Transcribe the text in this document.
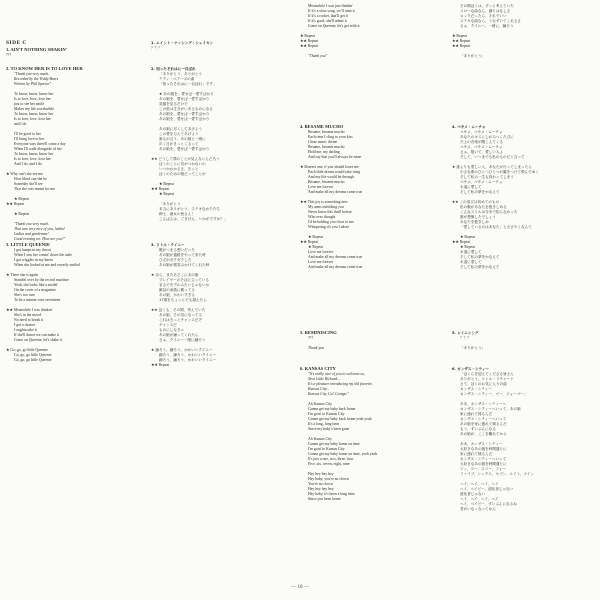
SIDE C
1. AIN'T NOTHING SHAKIN'
???
2. TO KNOW HER IS TO LOVE HER
"Thank you very much.
Recorded by the Teddy Bears
Written by Phil Spector"
To know, know, know her
Is to love, love, love her
just to see her smile
Makes my life worthwhile
To know, know, know her
Is to love, love, love her
and I do
I'll be good to her
I'll bring love to her
Everyone says there'll come a day
When I'll walk alongside of her
To know, know, know her
Is to love, love, love her
And I do, and I do
★ Why can't she see me
How blind can she be
Someday she'll see
That she was meant for me
★ Repeat
★★ Repeat
★ Repeat
"Thank you very much.
That was very nice of you, ladies!
Ladies and gentlemen!
Good evening we. How are you?"
3. LITTLE QUEENIE
I got lumps in my throat
When I saw her comin' down the aisle
I got wiggles in my knees
When she looked at me and sweetly smiled
★ There she is again
Standin' over by the record machine
Yeah, she looks like a model
On the cover of a magazine
She's too cute
To be a minute over seventeen
★★ Meanwhile I was thinkin'
She's in the mood
No need to break it
I got a chance
I oughta take it
If she'll dance we can make it
Come on Queenie, let's shake it
★ Go, go, go little Queenie
Go, go, go little Queenie
Go, go, go little Queenie
1. エイント・ナッシング・シェイキン
？？？
2. 知ったそれはに一目ぼれ
「ありがとう、ありがとう
テディ・ベアーズの曲
「知ったそれはに一目ぼれ」です」
★ あの娘を、愛せば一愛すばかり
あの娘を、愛せば一愛すばかり
笑顔を見るだけで
この世は生きがいあるものになる
あの娘を、愛せば一愛すばかり
あの娘を、愛せば一愛すばかり
あの娘に尽くしてあげよう
この愛を与えてあげよう
誰もが言う、あの娘と一緒に
歩く日がきっとくるって
あの娘を、愛せば一愛すばかり
★★ どうして僕のことが見えないんだろう
ぼくのことに気がつかないの
いつかわかるさ、きっと
ぼくのための娘だってことが
★ Repeat
★★ Repeat
★ Repeat
「ありがとう
本当にありがとう、ステキなかたたち
紳士、淑女の皆さん！
こんばんは、ごきげん、いかがですか？」
3. リトル・クイニー
喉がつまる想いだった
あの娘が通路をやって来た時
ひざがガクガクした
あの娘が微笑みかけてくれた時
★ ほら、またあそこにあの娘
プレイヤーのそばに立っている
まるでモデルみたいじゃないか
雑誌の表紙に載ってる
あの娘、かわいすぎる
17歳をちょっとでも超えたら
★★ ぼくも、その間、考えていた
あの娘、その気になってる
これはきっとチャンスだぞ
チャンスだ
ものにしなきゃ
あの娘が踊ってくれたら
さぁ、クイニー一緒に踊ろう
★ 踊ろう、踊ろう、かわいいクイニー
踊ろう、踊ろう、かわいいクイニー
踊ろう、踊ろう、かわいいクイニー
★★ Repeat
Meanwhile I was just thinkin'
If it's a slow song, we'll omit it
If it's a rocker, that'll get it
If it's good, she'll admit it
Come on Queenie, let's get with it
★ Repeat
★★ Repeat
★★ Repeat
"Thank you"
4. BESAME MUCHO
Besame, besame mucho
Each time I cling to your kiss
I hear music divine
Besame, besame mucho
Hold me, my darling
And say that you'll always be mine
★ Dearest one, if you should leave me
Each little dream would take wing
And my life would be through
Besame, besame mucho
Love me forever
And make all my dreams come true
★★ This joy is something new
My arms enfolding you
Never knew this thrill before
Who ever thought
I'd be holding you close to me
Whispering it's you I adore
★ Repeat
★★ Repeat
★ Repeat
Love me forever
And make all my dreams come true
Love me forever
And make all my dreams come true
5. REMINISCING
???
Thank you
6. KANSAS CITY
"It's really nice of you to welcome us,
Next Little Richard...
It's a pleasure introducing my old favorite,
Kansas City...
Kansas City, Go! Goingo."
Ah Kansas City
Gonna get my baby back home
I'm goin' to Kansas City
Gonna get my baby back home yeah yeah
It's a long, long time
Since my baby's been gone
Ah Kansas City
Gonna get my baby home on time
I'm goin' to Kansas City
Gonna get my baby home on time, yeah yeah
It's just a one, two, three, four
Five, six, seven, eight, nine
Hey hey hey hey
Hey baby, you're no clown
You're no clown
Hey hey hey hey
Hey baby, it's been a long time
Since you been home
その間ぼくは、ずっと考えていた
スローな曲なら、踊りはなしさ
ロックだったら、それでいい
ステキな曲なら、うなずいてくれるさ
さぁ、クイニー、一緒に、踊ろう
★ Repeat
★★ Repeat
★★ Repeat
「ありがとう」
4. ベサメ・ムーチョ
ベサメ、ベサメ・ムーチョ
あなたのキスにしがみつくたびに
天上の音楽が聞こえてくる
ベサメ、ベサメ・ムーチョ
さぁ、抱いて、愛しい人よ
そして、いつまでも私のものだと言って
★ 誰よりも愛しい人、あなたが行ってしまったら
小さな夢のひとつひとつが翼をつけて飛んでゆく
そして私の一生も終わってしまう
ベサメ、ベサメ・ムーチョ
永遠に愛して
そして私の夢をかなえて
★★ この喜びは初めてのもの
私の腕があなたを抱きしめる
こんなスリルは今まで知らなかった
誰が想像したでしょう
あなたを抱きしめ
「愛しているのはあなた」とささやくなんて
★ Repeat
★★ Repeat
★ Repeat
永遠に愛して
そして私の夢をかなえて
永遠に愛して
そして私の夢をかなえて
5. レミニシング
？？？
「ありがとう」
6. カンザス・シティー
「ぼくらを迎えてくださる皆さん
ありがとう。リトル・リチャード
さて、ぼくのお気に入りの曲
カンザス・シティー
カンザス・シティー、ゴー、ジョーゴー」
ああ、カンザス・シティーへ
カンザス・シティーへいって、あの娘
家に連れて帰るんだ
カンザス・シティーへいって
あの娘を家に連れて帰るんだ
もう、ずいぶんになる
あの娘が、ここを離れてから
ああ、カンザス・シティー
大好きなあの娘を時間通りに
家に連れて帰るんだ
カンザス・シティーへいって
大好きなあの娘を時間通りに
ワン、ツー、スリー、フォー
ファイブ、シックス、セブン、エイト、ナイン
ヘイ、ヘイ、ヘイ、ヘイ
ヘイ、ベイビー、道化者じゃない
道化者じゃない
ヘイ、ヘイ、ヘイ、ヘイ
ヘイ、ベイビー、ずいぶんになるね
君がいなくなってから
— 10 —
